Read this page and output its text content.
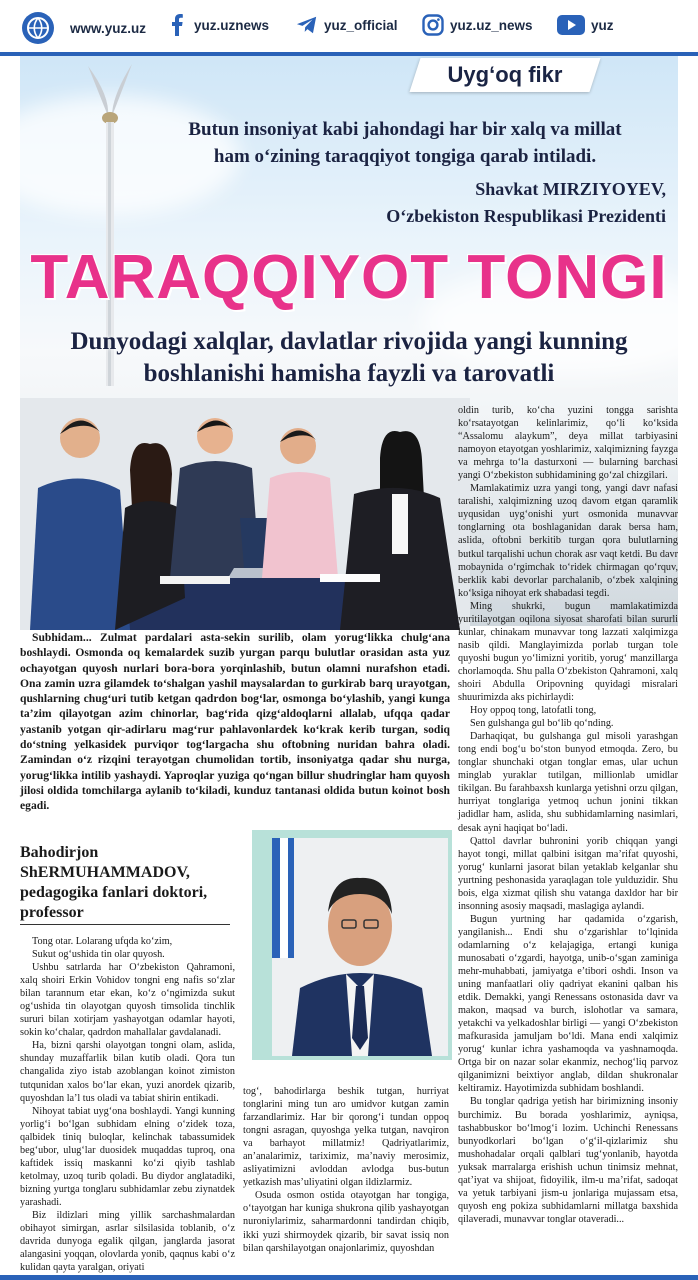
www.yuz.uz	yuz.uznews	yuz_official	yuz.uz_news	yuz
Uyg‘oq fikr
Butun insoniyat kabi jahondagi har bir xalq va millat ham o‘zining taraqqiyot tongiga qarab intiladi.
Shavkat MIRZIYOYEV,
O‘zbekiston Respublikasi Prezidenti
TARAQQIYOT TONGI
Dunyodagi xalqlar, davlatlar rivojida yangi kunning boshlanishi hamisha fayzli va tarovatli

Subhidam... Zulmat pardalari asta-sekin surilib, olam yorug‘likka chulg‘ana boshlaydi. Osmonda oq kemalardek suzib yurgan parqu bulutlar orasidan asta yuz ochayotgan quyosh nurlari bora-bora yorqinlashib, butun olamni nurafshon etadi. Ona zamin uzra gilamdek to‘shalgan yashil maysalardan to gurkirab barq urayotgan, qushlarning chug‘uri tutib ketgan qadrdon bog‘lar, osmonga bo‘ylashib, yangi kunga ta’zim qilayotgan azim chinorlar, bag‘rida qizg‘aldoqlarni allalab, ufqqa qadar yastanib yotgan qir-adirlaru mag‘rur pahlavonlardek ko‘krak kerib turgan, sodiq do‘stning yelkasidek purviqor tog‘largacha shu oftobning nuridan bahra oladi. Zamindan o‘z rizqini terayotgan chumolidan tortib, insoniyatga qadar shu nurga, yorug‘likka intilib yashaydi. Yaproqlar yuziga qo‘ngan billur shudringlar ham quyosh jilosi oldida tomchilarga aylanib to‘kiladi, kunduz tantanasi oldida butun koinot bosh egadi.

oldin turib, ko‘cha yuzini tongga sarishta ko‘rsatayotgan kelinlarimiz, qo‘li ko‘ksida “Assalomu alaykum”, deya millat tarbiyasini namoyon etayotgan yoshlarimiz, xalqimizning fayzga va mehrga to‘la dasturxoni — bularning barchasi yangi O‘zbekiston subhidamining go‘zal chizgilari.

Mamlakatimiz uzra yangi tong, yangi davr nafasi taralishi, xalqimizning uzoq davom etgan qaramlik uyqusidan uyg‘onishi yurt osmonida munavvar tonglarning ota boshlaganidan darak bersa ham, aslida, oftobni berkitib turgan qora bulutlarning butkul tarqalishi uchun chorak asr vaqt ketdi. Bu davr mobaynida o‘rgimchak to‘ridek chirmagan qo‘rquv, berklik kabi devorlar parchalanib, o‘zbek xalqining ko‘ksiga nihoyat erk shabadasi tegdi.

Ming shukrki, bugun mamlakatimizda yuritilayotgan oqilona siyosat sharofati bilan sururli kunlar, chinakam munavvar tong lazzati xalqimizga nasib qildi. Manglayimizda porlab turgan tole quyoshi bugun yo‘limizni yoritib, yorug‘ manzillarga chorlamoqda. Shu palla O‘zbekiston Qahramoni, xalq shoiri Abdulla Oripovning quyidagi misralari shuurimizda aks pichirlaydi:

Hoy oppoq tong, latofatli tong,

Sen gulshanga gul bo‘lib qo‘nding.

Darhaqiqat, bu gulshanga gul misoli yarashgan tong endi bog‘u bo‘ston bunyod etmoqda. Zero, bu tonglar shunchaki otgan tonglar emas, ular uchun minglab yuraklar tutilgan, millionlab umidlar tikilgan. Bu farahbaxsh kunlarga yetishni orzu qilgan, hurriyat tonglariga yetmoq uchun jonini tikkan jadidlar ham, aslida, shu subhidamlarning nasimlari, desak ayni haqiqat bo‘ladi.

Qattol davrlar buhronini yorib chiqqan yangi hayot tongi, millat qalbini isitgan ma’rifat quyoshi, yorug‘ kunlarni jasorat bilan yetaklab kelganlar shu yurtning peshonasida yaraqlagan tole yulduzidir. Shu bois, elga xizmat qilish shu vatanga daxldor har bir insonning asosiy maqsadi, maslagiga aylandi.

Bugun yurtning har qadamida o‘zgarish, yangilanish... Endi shu o‘zgarishlar to‘lqinida odamlarning o‘z kelajagiga, ertangi kuniga munosabati o‘zgardi, hayotga, unib-o‘sgan zaminiga mehr-muhabbati, jamiyatga e’tibori oshdi. Inson va uning manfaatlari oliy qadriyat ekanini qalban his etdik. Demakki, yangi Renessans ostonasida davr va makon, maqsad va burch, islohotlar va samara, yetakchi va yelkadoshlar birligi — yangi O‘zbekiston mafkurasida jamuljam bo‘ldi. Mana endi xalqimiz yorug‘ kunlar ichra yashamoqda va yashnamoqda. Ortga bir on nazar solar ekanmiz, nechog‘liq parvoz qilganimizni beixtiyor anglab, dildan shukronalar keltiramiz. Hayotimizda subhidam boshlandi.

Bu tonglar qadriga yetish har birimizning insoniy burchimiz. Bu borada yoshlarimiz, ayniqsa, tashabbuskor bo‘lmog‘i lozim. Uchinchi Renessans bunyodkorlari bo‘lgan o‘g‘il-qizlarimiz shu mushohadalar orqali qalblari tug‘yonlanib, hayotda yuksak marralarga erishish uchun tinimsiz mehnat, qat’iyat va shijoat, fidoyilik, ilm-u ma’rifat, sadoqat va yetuk tarbiyani jism-u jonlariga mujassam etsa, quyosh eng pokiza subhidamlarni millatga baxshida qilaveradi, munavvar tonglar otaveradi...

Bahodirjon
ShERMUHAMMADOV,
pedagogika fanlari doktori,
professor

Tong otar. Lolarang ufqda ko‘zim,

Sukut og‘ushida tin olar quyosh.

Ushbu satrlarda har O‘zbekiston Qahramoni, xalq shoiri Erkin Vohidov tongni eng nafis so‘zlar bilan tarannum etar ekan, ko‘z o‘ngimizda sukut og‘ushida tin olayotgan quyosh timsolida tinchlik sururi bilan xotirjam yashayotgan odamlar hayoti, sokin ko‘chalar, qadrdon mahallalar gavdalanadi.

Ha, bizni qarshi olayotgan tongni olam, aslida, shunday muzaffarlik bilan kutib oladi. Qora tun changalida ziyo istab azoblangan koinot zimiston tutqunidan xalos bo‘lar ekan, yuzi anordek qizarib, quyoshdan la’l tus oladi va tabiat shirin entikadi.

Nihoyat tabiat uyg‘ona boshlaydi. Yangi kunning yorlig‘i bo‘lgan subhidam elning o‘zidek toza, qalbidek tiniq buloqlar, kelinchak tabassumidek beg‘ubor, ulug‘lar duosidek muqaddas tuproq, ona kaftidek issiq maskanni ko‘zi qiyib tashlab ketolmay, uzoq turib qoladi. Bu diydor anglatadiki, bizning yurtga tonglaru subhidamlar zebu ziynatdek yarashadi.

Biz ildizlari ming yillik sarchashmalardan obihayot simirgan, asrlar silsilasida toblanib, o‘z davrida dunyoga egalik qilgan, janglarda jasorat alangasini yoqqan, olovlarda yonib, qaqnus kabi o‘z kulidan qayta yaralgan, oriyati

tog‘, bahodirlarga beshik tutgan, hurriyat tonglarini ming tun aro umidvor kutgan zamin farzandlarimiz. Har bir qorong‘i tundan oppoq tongni asragan, quyoshga yelka tutgan, navqiron va barhayot millatmiz! Qadriyatlarimiz, an’analarimiz, tariximiz, ma’naviy merosimiz, asliyatimizni avloddan avlodga bus-butun yetkazish mas’uliyatini olgan ildizlarmiz.

Osuda osmon ostida otayotgan har tongiga, o‘tayotgan har kuniga shukrona qilib yashayotgan nuroniylarimiz, saharmardonni tandirdan chiqib, ikki yuzi shirmoydek qizarib, bir savat issiq non bilan qarshilayotgan onajonlarimiz, quyoshdan
